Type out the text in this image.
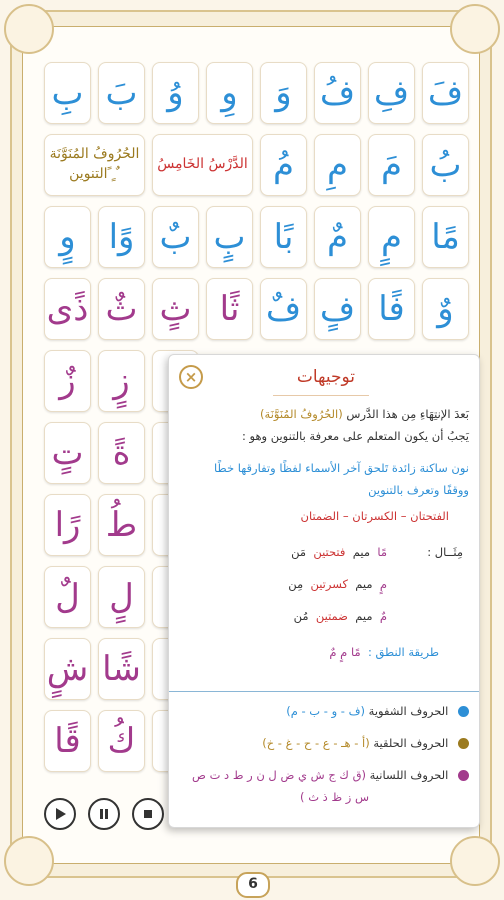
فَ
فِ
فُ
وَ
وِ
وُ
بَ
بِ
بُ
مَ
مِ
مُ
الدَّرْسُ الخَامِسُ
الحُرُوفُ المُنَوَّنَة
التنوين ً ٍ ٌ
مًا
مٍ
مٌ
بًا
بٍ
بٌ
وًا
وٍ
وٌ
فًا
فٍ
فٌ
ثًا
ثٍ
ثٌ
ذًى
زٌ	زٍ
تٍ ةً
رًا طُ
لٌ لٍ
شٍ شًا
قًا كُ
6
×	توجيهات
بَعدَ الإنتِهَاءِ مِن هذا الدَّرس (الحُرُوفُ المُنَوَّنَة)
يَجبُ أن يكون المتعلم على معرفة بالتنوين وهو :
نون ساكنة زائدة تَلحق آخر الأسماء لفظًا وتفارقها خطًا
ووقفًا وتعرف بالتنوين
الفتحتان – الكسرتان – الضمتان
مِثَــال :
مًا  ميم  فتحتين  مَن
مٍ  ميم  كسرتين  مِن
مٌ  ميم  ضمتين  مُن
طريقة النطق :  مًا مٍ مٌ
الحروف الشفوية (ف - و - ب - م)
الحروف الحلقية (أ - هـ - ع - ح - غ - خ)
الحروف اللسانية (ق ك ج ش ي ض ل ن ر ط د ت ص
س ز ظ ذ ث )
